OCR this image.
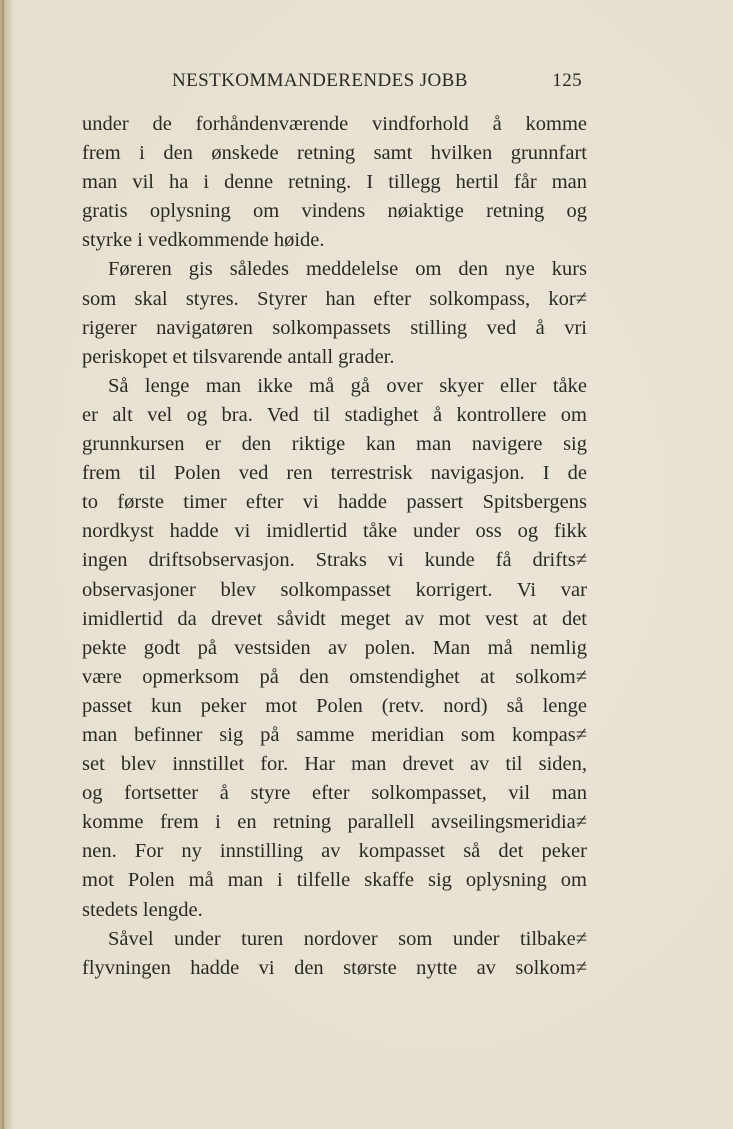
NESTKOMMANDERENDES JOBB	125
under de forhåndenværende vindforhold å komme
frem i den ønskede retning samt hvilken grunnfart
man vil ha i denne retning. I tillegg hertil får man
gratis oplysning om vindens nøiaktige retning og
styrke i vedkommende høide.
Føreren gis således meddelelse om den nye kurs
som skal styres. Styrer han efter solkompass, kor≠
rigerer navigatøren solkompassets stilling ved å vri
periskopet et tilsvarende antall grader.
Så lenge man ikke må gå over skyer eller tåke
er alt vel og bra. Ved til stadighet å kontrollere om
grunnkursen er den riktige kan man navigere sig
frem til Polen ved ren terrestrisk navigasjon. I de
to første timer efter vi hadde passert Spitsbergens
nordkyst hadde vi imidlertid tåke under oss og fikk
ingen driftsobservasjon. Straks vi kunde få drifts≠
observasjoner blev solkompasset korrigert. Vi var
imidlertid da drevet såvidt meget av mot vest at det
pekte godt på vestsiden av polen. Man må nemlig
være opmerksom på den omstendighet at solkom≠
passet kun peker mot Polen (retv. nord) så lenge
man befinner sig på samme meridian som kompas≠
set blev innstillet for. Har man drevet av til siden,
og fortsetter å styre efter solkompasset, vil man
komme frem i en retning parallell avseilingsmeridia≠
nen. For ny innstilling av kompasset så det peker
mot Polen må man i tilfelle skaffe sig oplysning om
stedets lengde.
Såvel under turen nordover som under tilbake≠
flyvningen hadde vi den største nytte av solkom≠
